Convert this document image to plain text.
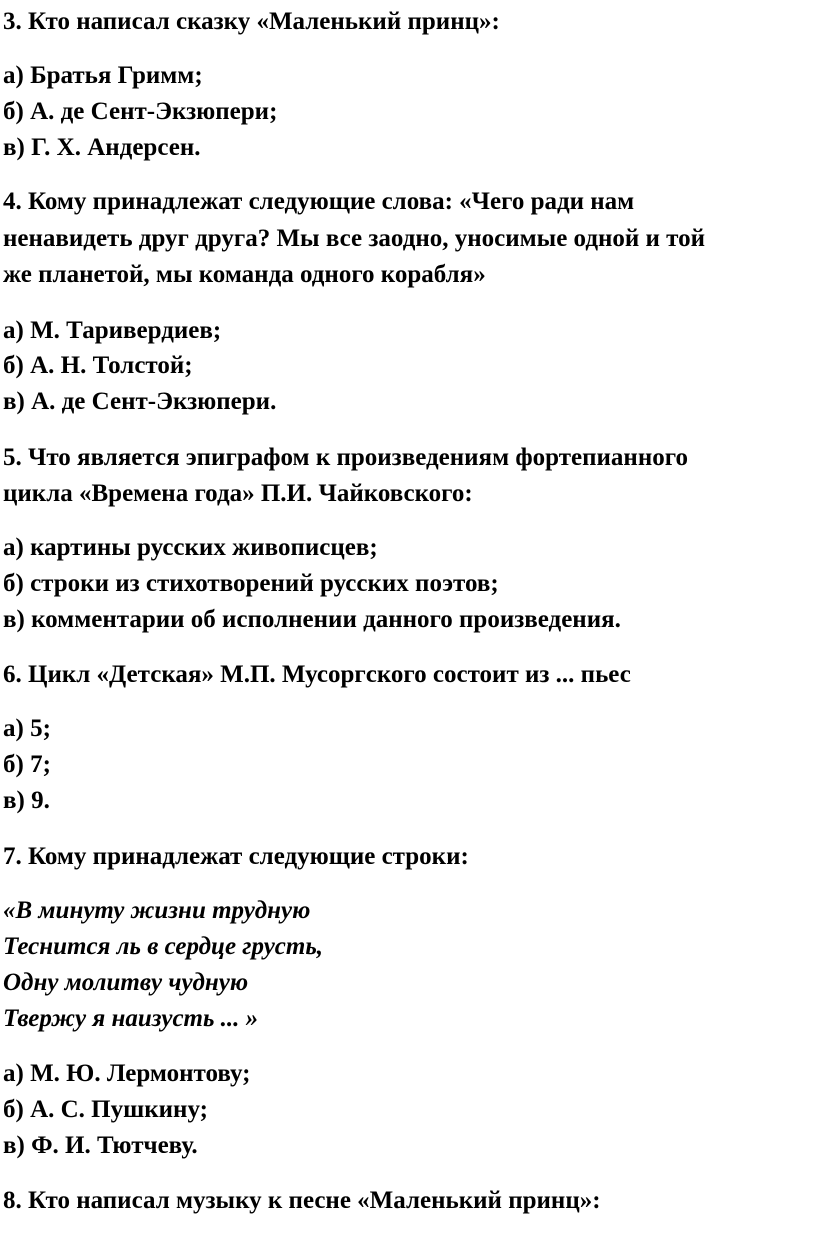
3. Кто написал сказку «Маленький принц»:
а) Братья Гримм;
б) А. де Сент-Экзюпери;
в) Г. Х. Андерсен.
4. Кому принадлежат следующие слова: «Чего ради нам
ненавидеть друг друга? Мы все заодно, уносимые одной и той
же планетой, мы команда одного корабля»
а) М. Таривердиев;
б) А. Н. Толстой;
в) А. де Сент-Экзюпери.
5. Что является эпиграфом к произведениям фортепианного
цикла «Времена года» П.И. Чайковского:
а) картины русских живописцев;
б) строки из стихотворений русских поэтов;
в) комментарии об исполнении данного произведения.
6. Цикл «Детская» М.П. Мусоргского состоит из ... пьес
а) 5;
б) 7;
в) 9.
7. Кому принадлежат следующие строки:
«В минуту жизни трудную
Теснится ль в сердце грусть,
Одну молитву чудную
Твержу я наизусть ... »
а) М. Ю. Лермонтову;
б) А. С. Пушкину;
в) Ф. И. Тютчеву.
8. Кто написал музыку к песне «Маленький принц»:
